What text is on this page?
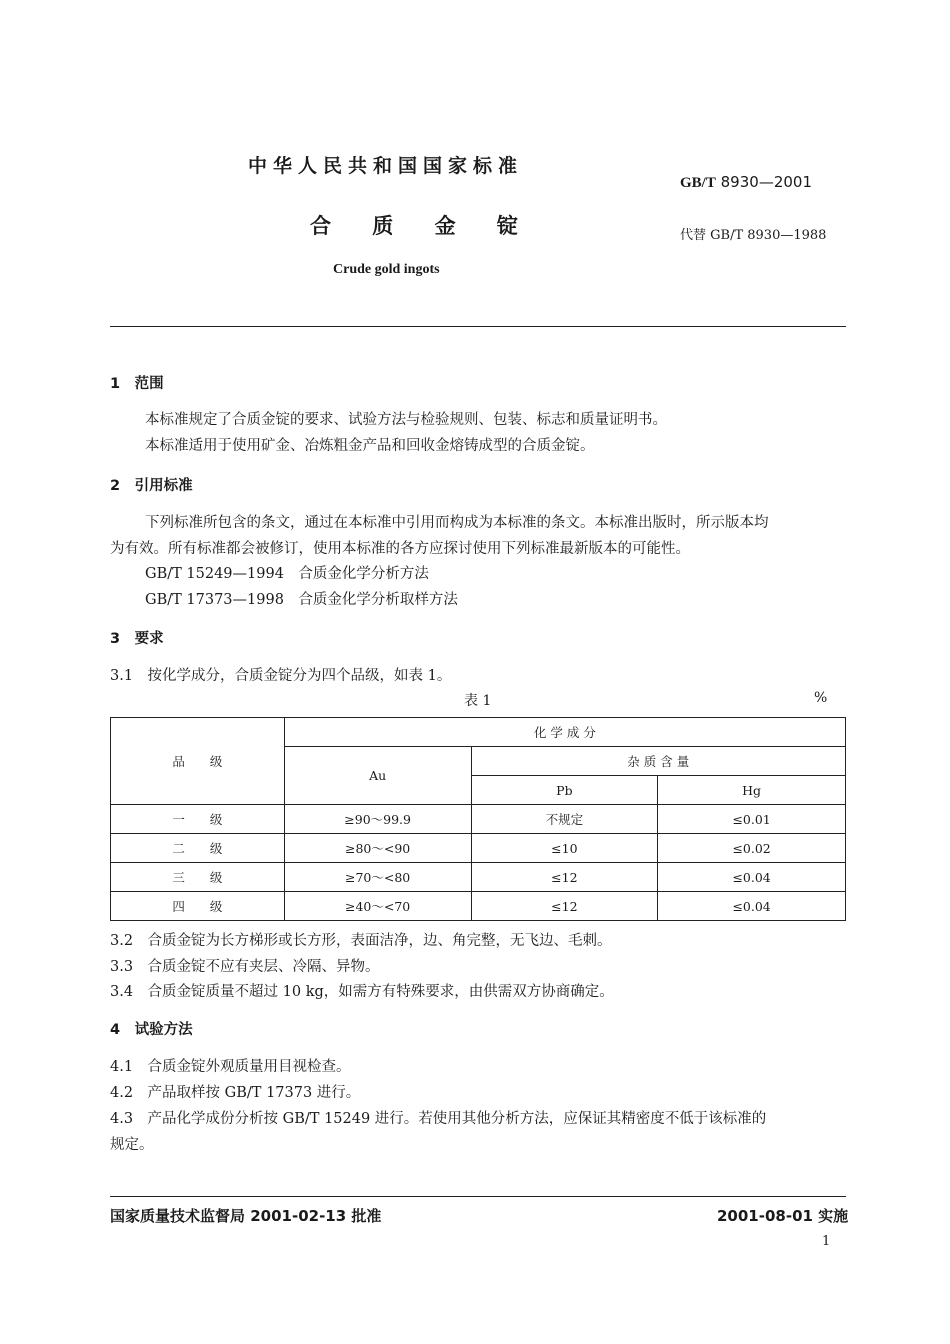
中华人民共和国国家标准
GB/T 8930—2001
合 质 金 锭	代替 GB/T 8930—1988
Crude gold ingots
1　范围
本标准规定了合质金锭的要求、试验方法与检验规则、包装、标志和质量证明书。
本标准适用于使用矿金、冶炼粗金产品和回收金熔铸成型的合质金锭。
2　引用标准
下列标准所包含的条文，通过在本标准中引用而构成为本标准的条文。本标准出版时，所示版本均
为有效。所有标准都会被修订，使用本标准的各方应探讨使用下列标准最新版本的可能性。
GB/T 15249—1994　合质金化学分析方法
GB/T 17373—1998　合质金化学分析取样方法
3　要求
3.1　按化学成分，合质金锭分为四个品级，如表 1。
表 1	%
品　　级	化 学 成 分		
	Au	杂 质 含 量	
		Pb	Hg
一　　级	≥90～99.9	不规定	≤0.01
二　　级	≥80～<90	≤10	≤0.02
三　　级	≥70～<80	≤12	≤0.04
四　　级	≥40～<70	≤12	≤0.04
3.2　合质金锭为长方梯形或长方形，表面洁净，边、角完整，无飞边、毛刺。
3.3　合质金锭不应有夹层、冷隔、异物。
3.4　合质金锭质量不超过 10 kg，如需方有特殊要求，由供需双方协商确定。
4　试验方法
4.1　合质金锭外观质量用目视检查。
4.2　产品取样按 GB/T 17373 进行。
4.3　产品化学成份分析按 GB/T 15249 进行。若使用其他分析方法，应保证其精密度不低于该标准的
规定。
国家质量技术监督局 2001-02-13 批准	2001-08-01 实施
1
